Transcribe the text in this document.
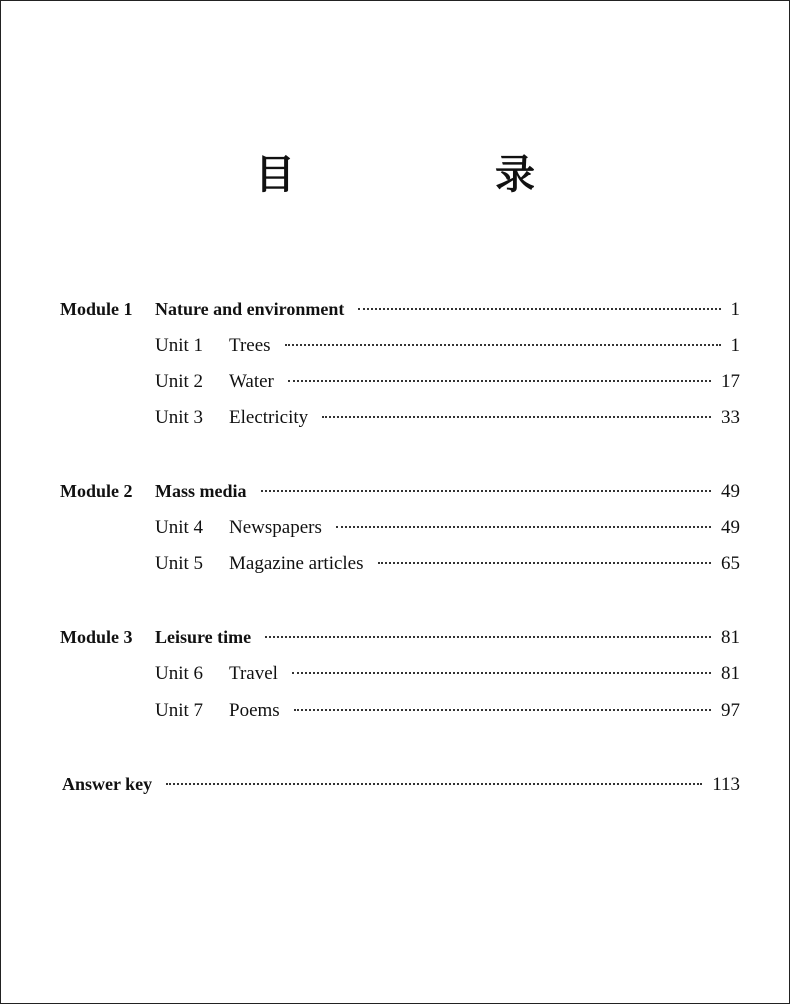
目　录
Module 1	Nature and environment	1
Unit 1	Trees	1
Unit 2	Water	17
Unit 3	Electricity	33
Module 2	Mass media	49
Unit 4	Newspapers	49
Unit 5	Magazine articles	65
Module 3	Leisure time	81
Unit 6	Travel	81
Unit 7	Poems	97
Answer key	113
